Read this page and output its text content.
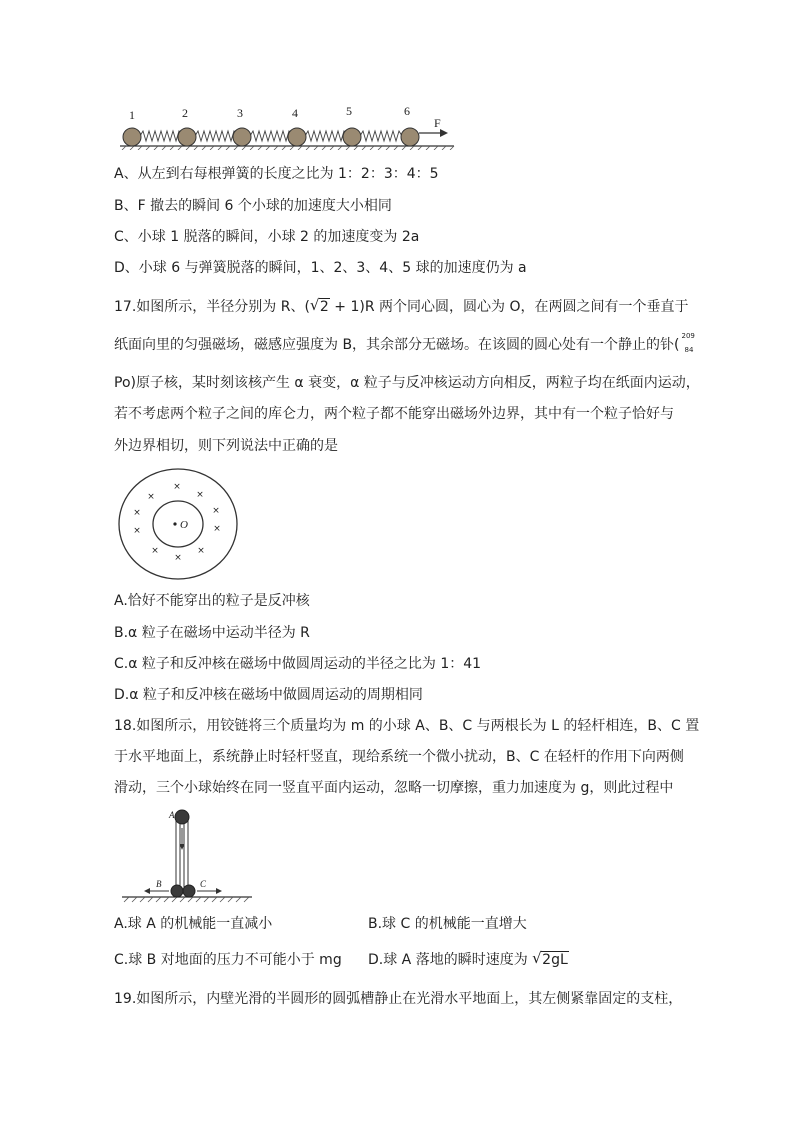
1	2	3	4	5	6
F
A、从左到右每根弹簧的长度之比为 1：2：3：4：5
B、F 撤去的瞬间 6 个小球的加速度大小相同
C、小球 1 脱落的瞬间，小球 2 的加速度变为 2a
D、小球 6 与弹簧脱落的瞬间，1、2、3、4、5 球的加速度仍为 a
17.如图所示，半径分别为 R、( √ 2 + 1)R 两个同心圆，圆心为 O，在两圆之间有一个垂直于
纸面向里的匀强磁场，磁感应强度为 B，其余部分无磁场。在该圆的圆心处有一个静止的钋(
209
84
Po)原子核，某时刻该核产生 α 衰变，α 粒子与反冲核运动方向相反，两粒子均在纸面内运动，
若不考虑两个粒子之间的库仑力，两个粒子都不能穿出磁场外边界，其中有一个粒子恰好与
外边界相切，则下列说法中正确的是
O
×
×	×
×	×
×	×
×	×
×
A.恰好不能穿出的粒子是反冲核
B.α 粒子在磁场中运动半径为 R
C.α 粒子和反冲核在磁场中做圆周运动的半径之比为 1：41
D.α 粒子和反冲核在磁场中做圆周运动的周期相同
18.如图所示，用铰链将三个质量均为 m 的小球 A、B、C 与两根长为 L 的轻杆相连，B、C 置
于水平地面上，系统静止时轻杆竖直，现给系统一个微小扰动，B、C 在轻杆的作用下向两侧
滑动，三个小球始终在同一竖直平面内运动，忽略一切摩擦，重力加速度为 g，则此过程中
A
B	C
A.球 A 的机械能一直减小	B.球 C 的机械能一直增大
C.球 B 对地面的压力不可能小于 mg D.球 A 落地的瞬时速度为 √ 2gL
19.如图所示，内壁光滑的半圆形的圆弧槽静止在光滑水平地面上，其左侧紧靠固定的支柱，
